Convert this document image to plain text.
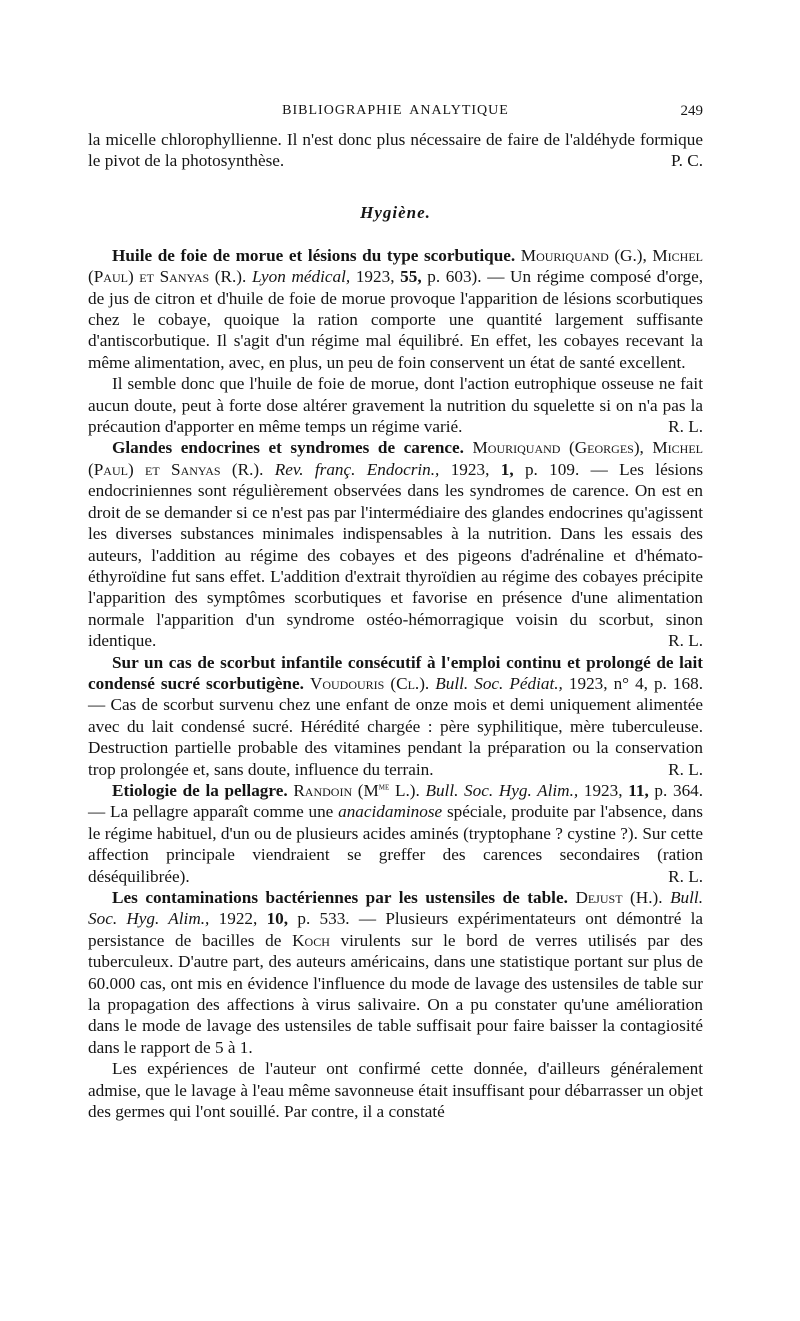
BIBLIOGRAPHIE ANALYTIQUE	249

la micelle chlorophyllienne. Il n'est donc plus nécessaire de faire de l'aldéhyde formique le pivot de la photosynthèse.	P. C.

Hygiène.

Huile de foie de morue et lésions du type scorbutique. Mouriquand (G.), Michel (Paul) et Sanyas (R.). Lyon médical, 1923, 55, p. 603). — Un régime composé d'orge, de jus de citron et d'huile de foie de morue provoque l'apparition de lésions scorbutiques chez le cobaye, quoique la ration comporte une quantité largement suffisante d'antiscorbutique. Il s'agit d'un régime mal équilibré. En effet, les cobayes recevant la même alimentation, avec, en plus, un peu de foin conservent un état de santé excellent.

Il semble donc que l'huile de foie de morue, dont l'action eutrophique osseuse ne fait aucun doute, peut à forte dose altérer gravement la nutrition du squelette si on n'a pas la précaution d'apporter en même temps un régime varié.	R. L.

Glandes endocrines et syndromes de carence. Mouriquand (Georges), Michel (Paul) et Sanyas (R.). Rev. franç. Endocrin., 1923, 1, p. 109. — Les lésions endocriniennes sont régulièrement observées dans les syndromes de carence. On est en droit de se demander si ce n'est pas par l'intermédiaire des glandes endocrines qu'agissent les diverses substances minimales indispensables à la nutrition. Dans les essais des auteurs, l'addition au régime des cobayes et des pigeons d'adrénaline et d'hémato-éthyroïdine fut sans effet. L'addition d'extrait thyroïdien au régime des cobayes précipite l'apparition des symptômes scorbutiques et favorise en présence d'une alimentation normale l'apparition d'un syndrome ostéo-hémorragique voisin du scorbut, sinon identique.	R. L.

Sur un cas de scorbut infantile consécutif à l'emploi continu et prolongé de lait condensé sucré scorbutigène. Voudouris (Cl.). Bull. Soc. Pédiat., 1923, n° 4, p. 168. — Cas de scorbut survenu chez une enfant de onze mois et demi uniquement alimentée avec du lait condensé sucré. Hérédité chargée : père syphilitique, mère tuberculeuse. Destruction partielle probable des vitamines pendant la préparation ou la conservation trop prolongée et, sans doute, influence du terrain.	R. L.

Etiologie de la pellagre. Randoin ($M^{me}$ L.). Bull. Soc. Hyg. Alim., 1923, 11, p. 364. — La pellagre apparaît comme une anacidaminose spéciale, produite par l'absence, dans le régime habituel, d'un ou de plusieurs acides aminés (tryptophane ? cystine ?). Sur cette affection principale viendraient se greffer des carences secondaires (ration déséquilibrée).	R. L.

Les contaminations bactériennes par les ustensiles de table. Dejust (H.). Bull. Soc. Hyg. Alim., 1922, 10, p. 533. — Plusieurs expérimentateurs ont démontré la persistance de bacilles de Koch virulents sur le bord de verres utilisés par des tuberculeux. D'autre part, des auteurs américains, dans une statistique portant sur plus de 60.000 cas, ont mis en évidence l'influence du mode de lavage des ustensiles de table sur la propagation des affections à virus salivaire. On a pu constater qu'une amélioration dans le mode de lavage des ustensiles de table suffisait pour faire baisser la contagiosité dans le rapport de 5 à 1.

Les expériences de l'auteur ont confirmé cette donnée, d'ailleurs généralement admise, que le lavage à l'eau même savonneuse était insuffisant pour débarrasser un objet des germes qui l'ont souillé. Par contre, il a constaté
